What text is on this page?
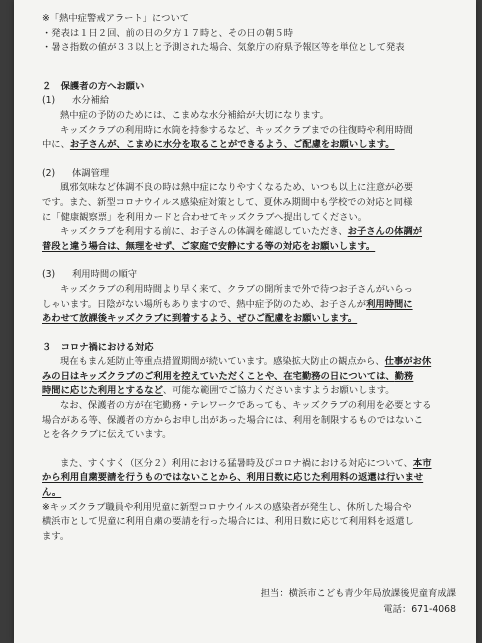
※「熱中症警戒アラート」について

・発表は１日２回、前の日の夕方１７時と、その日の朝５時

・暑さ指数の値が３３以上と予測された場合、気象庁の府県予報区等を単位として発表

２　保護者の方へお願い

(1) 水分補給

熱中症の予防のためには、こまめな水分補給が大切になります。

キッズクラブの利用時に水筒を持参するなど、キッズクラブまでの往復時や利用時間

中に、お子さんが、こまめに水分を取ることができるよう、ご配慮をお願いします。

(2) 体調管理

風邪気味など体調不良の時は熱中症になりやすくなるため、いつも以上に注意が必要

です。また、新型コロナウイルス感染症対策として、夏休み期間中も学校での対応と同様

に「健康観察票」を利用カードと合わせてキッズクラブへ提出してください。

キッズクラブを利用する前に、お子さんの体調を確認していただき、お子さんの体調が

普段と違う場合は、無理をせず、ご家庭で安静にする等の対応をお願いします。

(3) 利用時間の順守

キッズクラブの利用時間より早く来て、クラブの開所まで外で待つお子さんがいらっ

しゃいます。日陰がない場所もありますので、熱中症予防のため、お子さんが利用時間に

あわせて放課後キッズクラブに到着するよう、ぜひご配慮をお願いします。

３　コロナ禍における対応

現在もまん延防止等重点措置期間が続いています。感染拡大防止の観点から、仕事がお休

みの日はキッズクラブのご利用を控えていただくことや、在宅勤務の日については、勤務

時間に応じた利用とするなど、可能な範囲でご協力くださいますようお願いします。

なお、保護者の方が在宅勤務・テレワークであっても、キッズクラブの利用を必要とする

場合がある等、保護者の方からお申し出があった場合には、利用を制限するものではないこ

とを各クラブに伝えています。

また、すくすく（区分２）利用における猛暑時及びコロナ禍における対応について、本市

から利用自粛要請を行うものではないことから、利用日数に応じた利用料の返還は行いませ

ん。

※キッズクラブ職員や利用児童に新型コロナウイルスの感染者が発生し、休所した場合や

横浜市として児童に利用自粛の要請を行った場合には、利用日数に応じて利用料を返還し

ます。

担当：横浜市こども青少年局放課後児童育成課
電話：671-4068
